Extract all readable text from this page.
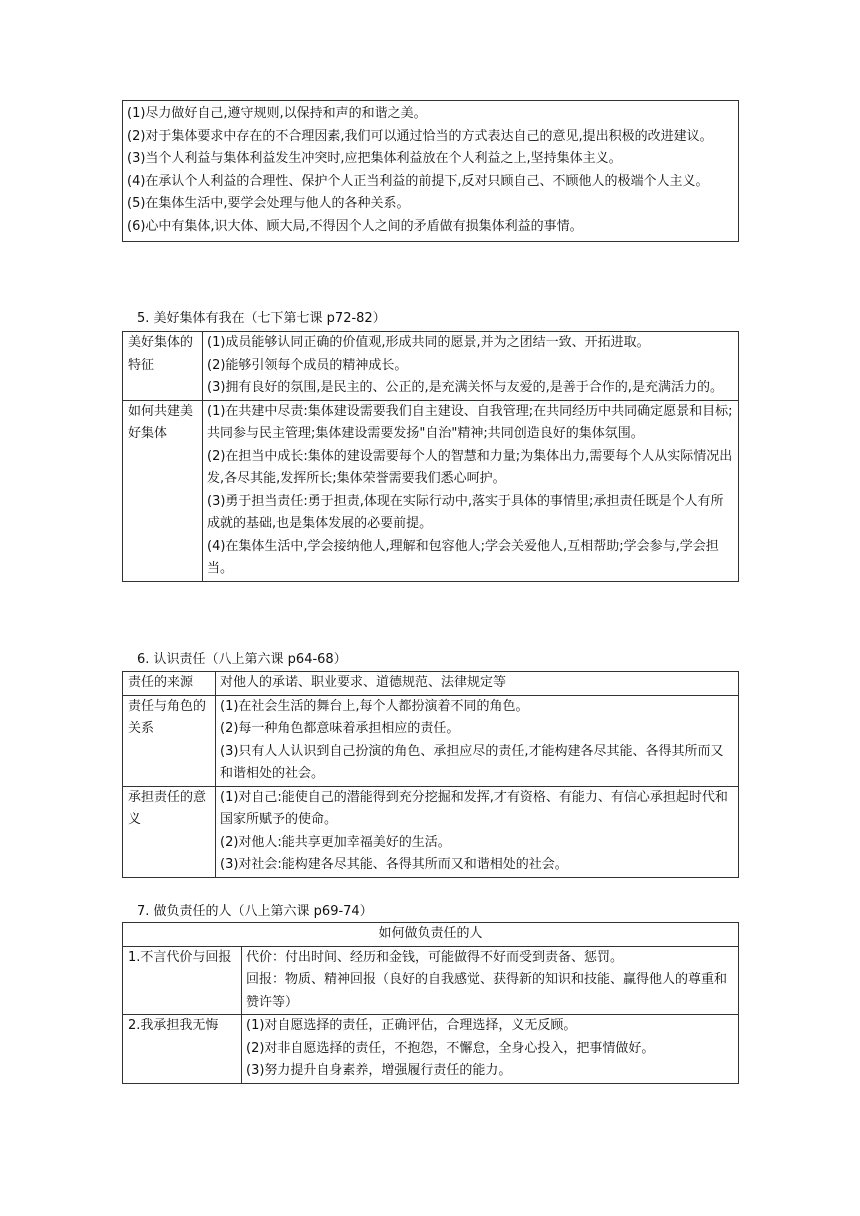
(1)尽力做好自己,遵守规则,以保持和声的和谐之美。
(2)对于集体要求中存在的不合理因素,我们可以通过恰当的方式表达自己的意见,提出积极的改进建议。
(3)当个人利益与集体利益发生冲突时,应把集体利益放在个人利益之上,坚持集体主义。
(4)在承认个人利益的合理性、保护个人正当利益的前提下,反对只顾自己、不顾他人的极端个人主义。
(5)在集体生活中,要学会处理与他人的各种关系。
(6)心中有集体,识大体、顾大局,不得因个人之间的矛盾做有损集体利益的事情。
5. 美好集体有我在（七下第七课 p72-82）
美好集体的特征	(1)成员能够认同正确的价值观,形成共同的愿景,并为之团结一致、开拓进取。
(2)能够引领每个成员的精神成长。
(3)拥有良好的氛围,是民主的、公正的,是充满关怀与友爱的,是善于合作的,是充满活力的。

如何共建美好集体	(1)在共建中尽责:集体建设需要我们自主建设、自我管理;在共同经历中共同确定愿景和目标;共同参与民主管理;集体建设需要发扬"自治"精神;共同创造良好的集体氛围。
(2)在担当中成长:集体的建设需要每个人的智慧和力量;为集体出力,需要每个人从实际情况出发,各尽其能,发挥所长;集体荣誉需要我们悉心呵护。
(3)勇于担当责任:勇于担责,体现在实际行动中,落实于具体的事情里;承担责任既是个人有所成就的基础,也是集体发展的必要前提。
(4)在集体生活中,学会接纳他人,理解和包容他人;学会关爱他人,互相帮助;学会参与,学会担当。
6. 认识责任（八上第六课 p64-68）
责任的来源	对他人的承诺、职业要求、道德规范、法律规定等

责任与角色的关系	(1)在社会生活的舞台上,每个人都扮演着不同的角色。
(2)每一种角色都意味着承担相应的责任。
(3)只有人人认识到自己扮演的角色、承担应尽的责任,才能构建各尽其能、各得其所而又和谐相处的社会。

承担责任的意义	(1)对自己:能使自己的潜能得到充分挖掘和发挥,才有资格、有能力、有信心承担起时代和国家所赋予的使命。
(2)对他人:能共享更加幸福美好的生活。
(3)对社会:能构建各尽其能、各得其所而又和谐相处的社会。
7. 做负责任的人（八上第六课 p69-74）
如何做负责任的人	
1.不言代价与回报	代价：付出时间、经历和金钱，可能做得不好而受到责备、惩罚。
回报：物质、精神回报（良好的自我感觉、获得新的知识和技能、赢得他人的尊重和赞许等）

2.我承担我无悔	(1)对自愿选择的责任，正确评估，合理选择，义无反顾。
(2)对非自愿选择的责任，不抱怨，不懈怠，全身心投入，把事情做好。
(3)努力提升自身素养，增强履行责任的能力。
